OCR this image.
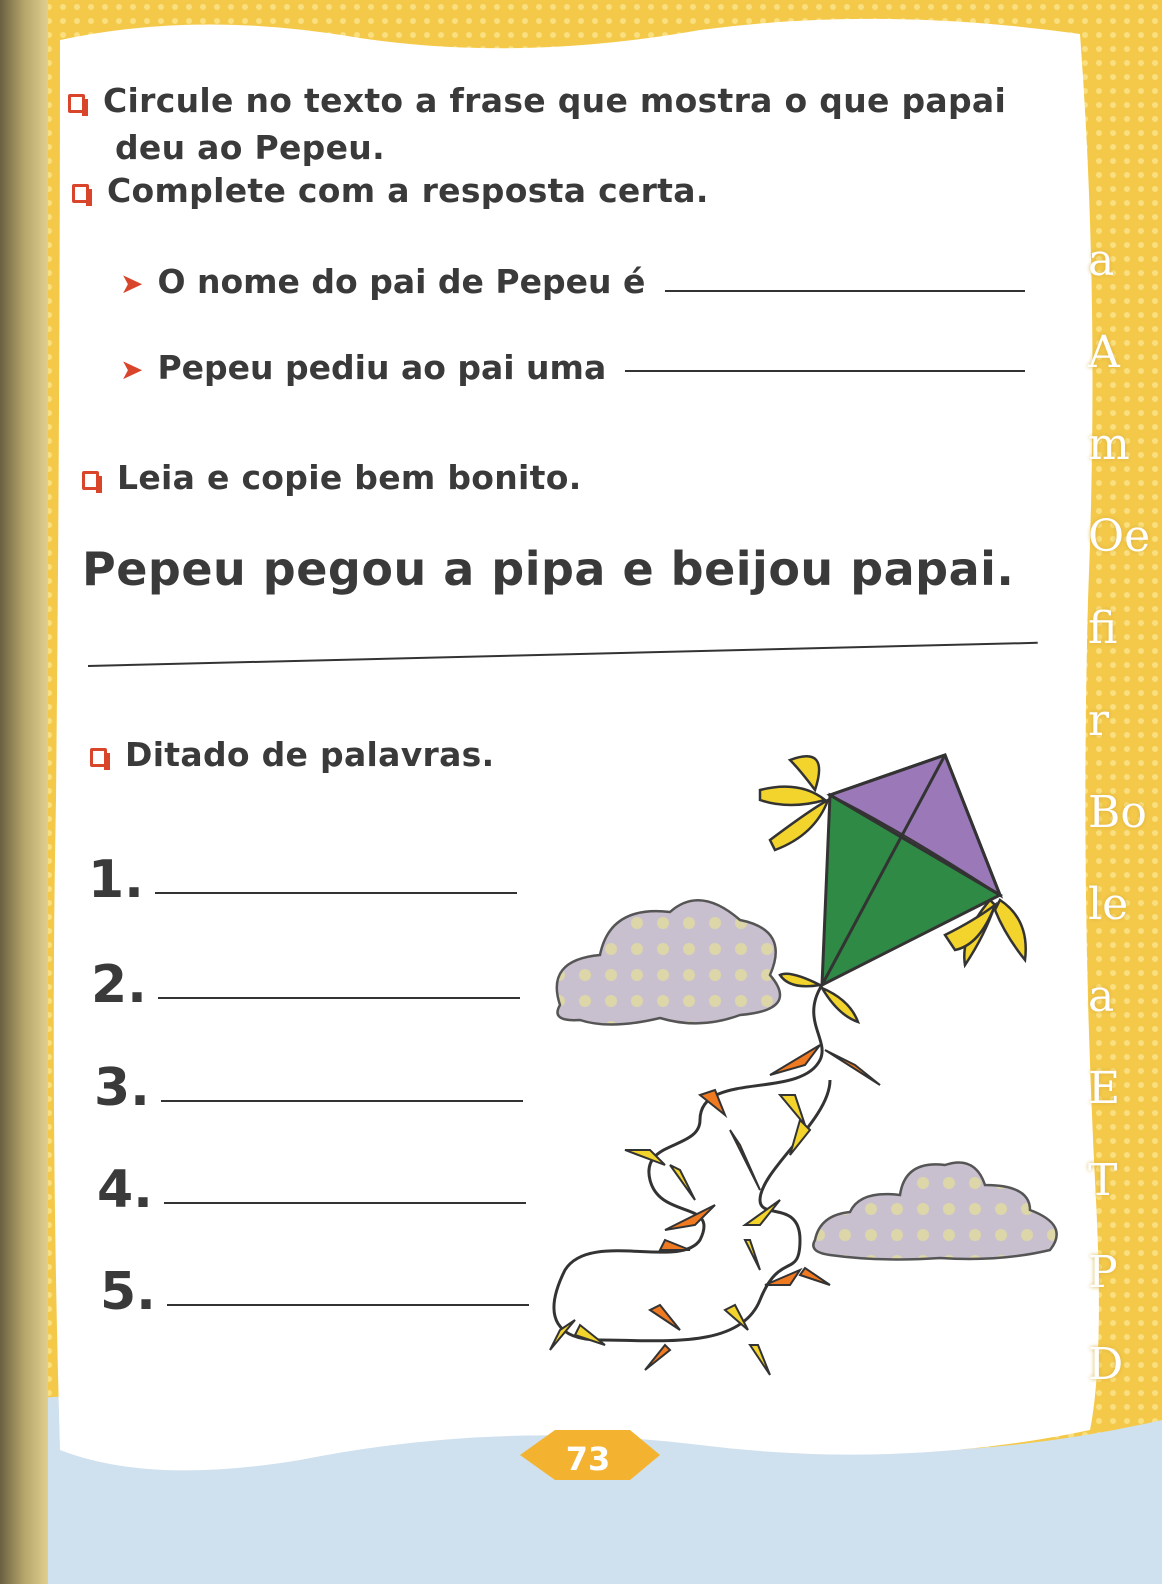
a
A
m
Oe
fi
r
Bo
le
a
E
T
P
D
Circule no texto a frase que mostra o que papai
deu ao Pepeu.
Complete com a resposta certa.
➤ O nome do pai de Pepeu é
➤ Pepeu pediu ao pai uma
Leia e copie bem bonito.
Pepeu pegou a pipa e beijou papai.
Ditado de palavras.
1.
2.
3.
4.
5.
73
